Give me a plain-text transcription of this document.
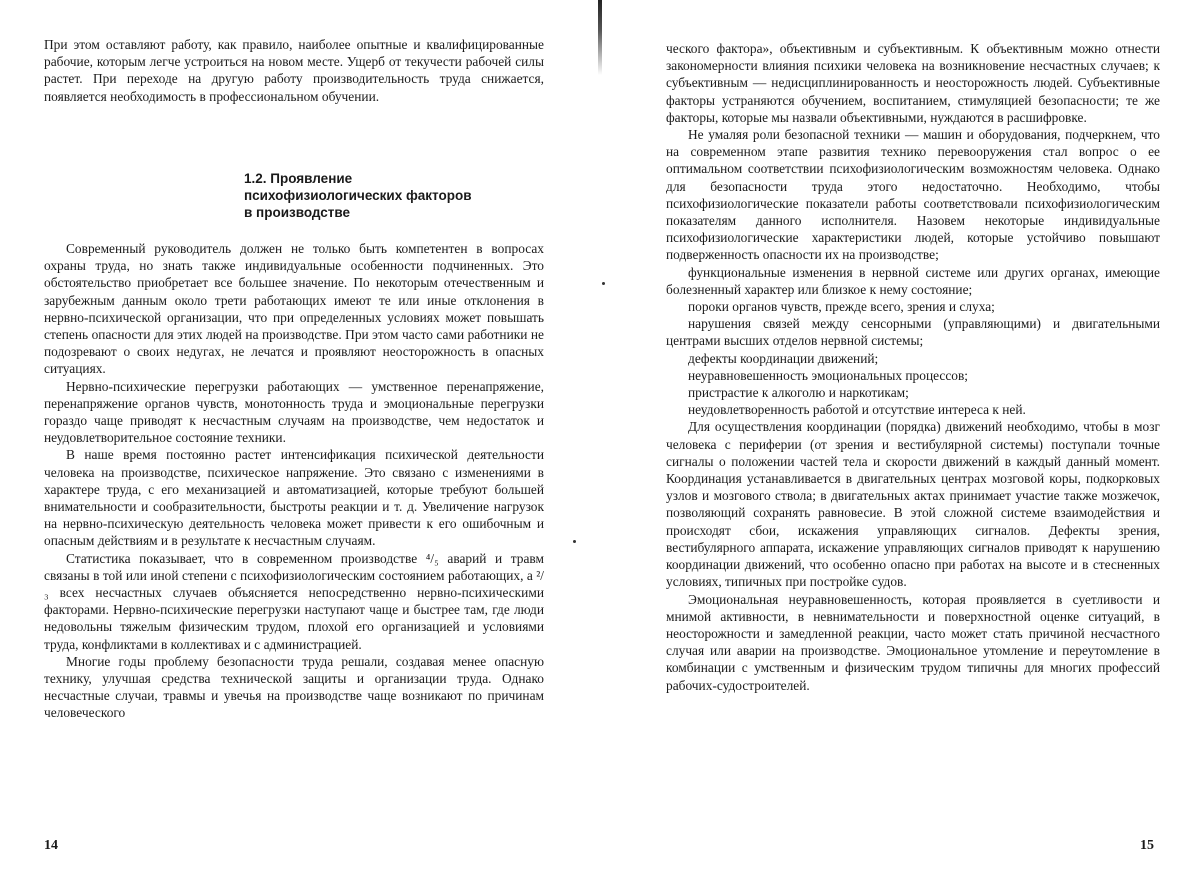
При этом оставляют работу, как правило, наиболее опытные и квалифицированные рабочие, которым легче устроиться на новом месте. Ущерб от текучести рабочей силы растет. При переходе на другую работу производительность труда снижается, появляется необходимость в профессиональном обучении.

1.2. Проявление
психофизиологических факторов
в производстве

Современный руководитель должен не только быть компетентен в вопросах охраны труда, но знать также индивидуальные особенности подчиненных. Это обстоятельство приобретает все большее значение. По некоторым отечественным и зарубежным данным около трети работающих имеют те или иные отклонения в нервно-психической организации, что при определенных условиях может повышать степень опасности для этих людей на производстве. При этом часто сами работники не подозревают о своих недугах, не лечатся и проявляют неосторожность в опасных ситуациях.

Нервно-психические перегрузки работающих — умственное перенапряжение, перенапряжение органов чувств, монотонность труда и эмоциональные перегрузки гораздо чаще приводят к несчастным случаям на производстве, чем недостаток и неудовлетворительное состояние техники.

В наше время постоянно растет интенсификация психической деятельности человека на производстве, психическое напряжение. Это связано с изменениями в характере труда, с его механизацией и автоматизацией, которые требуют большей внимательности и сообразительности, быстроты реакции и т. д. Увеличение нагрузок на нервно-психическую деятельность человека может привести к его ошибочным и опасным действиям и в результате к несчастным случаям.

Статистика показывает, что в современном производстве ⁴/₅ аварий и травм связаны в той или иной степени с психофизиологическим состоянием работающих, а ²/₃ всех несчастных случаев объясняется непосредственно нервно-психическими факторами. Нервно-психические перегрузки наступают чаще и быстрее там, где люди недовольны тяжелым физическим трудом, плохой его организацией и условиями труда, конфликтами в коллективах и с администрацией.

Многие годы проблему безопасности труда решали, создавая менее опасную технику, улучшая средства технической защиты и организации труда. Однако несчастные случаи, травмы и увечья на производстве чаще возникают по причинам человеческого

14

ческого фактора», объективным и субъективным. К объективным можно отнести закономерности влияния психики человека на возникновение несчастных случаев; к субъективным — недисциплинированность и неосторожность людей. Субъективные факторы устраняются обучением, воспитанием, стимуляцией безопасности; те же факторы, которые мы назвали объективными, нуждаются в расшифровке.

Не умаляя роли безопасной техники — машин и оборудования, подчеркнем, что на современном этапе развития технико перевооружения стал вопрос о ее оптимальном соответствии психофизиологическим возможностям человека. Однако для безопасности труда этого недостаточно. Необходимо, чтобы психофизиологические показатели работы соответствовали психофизиологическим показателям данного исполнителя. Назовем некоторые индивидуальные психофизиологические характеристики людей, которые устойчиво повышают подверженность опасности их на производстве;

функциональные изменения в нервной системе или других органах, имеющие болезненный характер или близкое к нему состояние;

пороки органов чувств, прежде всего, зрения и слуха;

нарушения связей между сенсорными (управляющими) и двигательными центрами высших отделов нервной системы;

дефекты координации движений;

неуравновешенность эмоциональных процессов;

пристрастие к алкоголю и наркотикам;

неудовлетворенность работой и отсутствие интереса к ней.

Для осуществления координации (порядка) движений необходимо, чтобы в мозг человека с периферии (от зрения и вестибулярной системы) поступали точные сигналы о положении частей тела и скорости движений в каждый данный момент. Координация устанавливается в двигательных центрах мозговой коры, подкорковых узлов и мозгового ствола; в двигательных актах принимает участие также мозжечок, позволяющий сохранять равновесие. В этой сложной системе взаимодействия и происходят сбои, искажения управляющих сигналов. Дефекты зрения, вестибулярного аппарата, искажение управляющих сигналов приводят к нарушению координации движений, что особенно опасно при работах на высоте и в стесненных условиях, типичных при постройке судов.

Эмоциональная неуравновешенность, которая проявляется в суетливости и мнимой активности, в невнимательности и поверхностной оценке ситуаций, в неосторожности и замедленной реакции, часто может стать причиной несчастного случая или аварии на производстве. Эмоциональное утомление и переутомление в комбинации с умственным и физическим трудом типичны для многих профессий рабочих-судостроителей.

15
